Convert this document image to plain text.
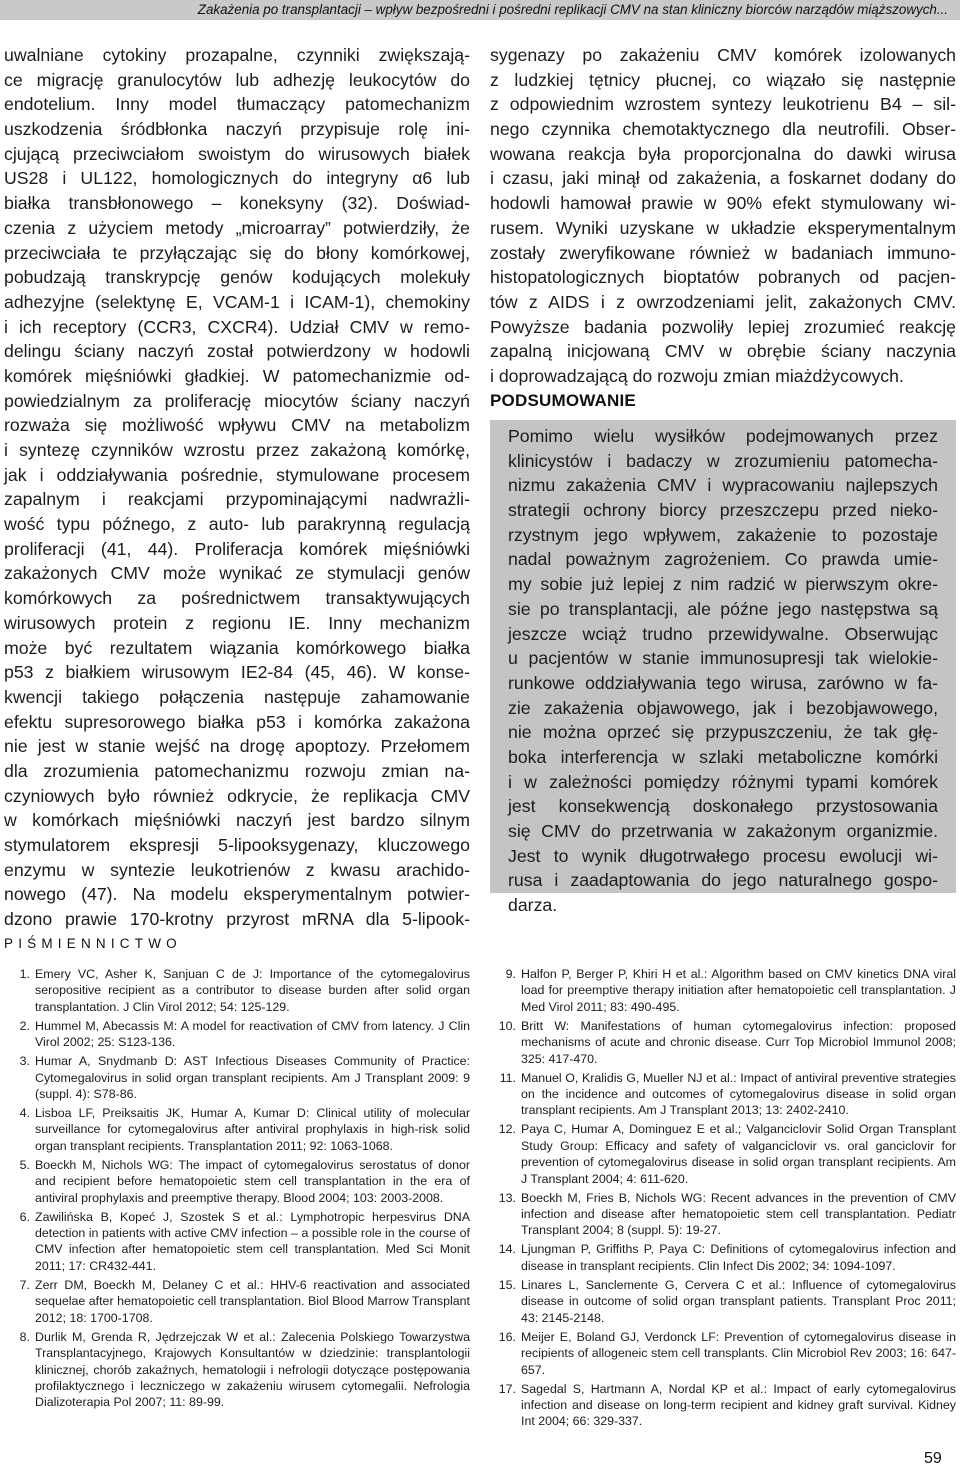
Zakażenia po transplantacji – wpływ bezpośredni i pośredni replikacji CMV na stan kliniczny biorców narządów miąższowych...
uwalniane cytokiny prozapalne, czynniki zwiększają-
ce migrację granulocytów lub adhezję leukocytów do
endotelium. Inny model tłumaczący patomechanizm
uszkodzenia śródbłonka naczyń przypisuje rolę ini-
cjującą przeciwciałom swoistym do wirusowych białek
US28 i UL122, homologicznych do integryny α6 lub
białka transbłonowego – koneksyny (32). Doświad-
czenia z użyciem metody „microarray” potwierdziły, że
przeciwciała te przyłączając się do błony komórkowej,
pobudzają transkrypcję genów kodujących molekuły
adhezyjne (selektynę E, VCAM-1 i ICAM-1), chemokiny
i ich receptory (CCR3, CXCR4). Udział CMV w remo-
delingu ściany naczyń został potwierdzony w hodowli
komórek mięśniówki gładkiej. W patomechanizmie od-
powiedzialnym za proliferację miocytów ściany naczyń
rozważa się możliwość wpływu CMV na metabolizm
i syntezę czynników wzrostu przez zakażoną komórkę,
jak i oddziaływania pośrednie, stymulowane procesem
zapalnym i reakcjami przypominającymi nadwrażli-
wość typu późnego, z auto- lub parakrynną regulacją
proliferacji (41, 44). Proliferacja komórek mięśniówki
zakażonych CMV może wynikać ze stymulacji genów
komórkowych za pośrednictwem transaktywujących
wirusowych protein z regionu IE. Inny mechanizm
może być rezultatem wiązania komórkowego białka
p53 z białkiem wirusowym IE2-84 (45, 46). W konse-
kwencji takiego połączenia następuje zahamowanie
efektu supresorowego białka p53 i komórka zakażona
nie jest w stanie wejść na drogę apoptozy. Przełomem
dla zrozumienia patomechanizmu rozwoju zmian na-
czyniowych było również odkrycie, że replikacja CMV
w komórkach mięśniówki naczyń jest bardzo silnym
stymulatorem ekspresji 5-lipooksygenazy, kluczowego
enzymu w syntezie leukotrienów z kwasu arachido-
nowego (47). Na modelu eksperymentalnym potwier-
dzono prawie 170-krotny przyrost mRNA dla 5-lipook-
sygenazy po zakażeniu CMV komórek izolowanych
z ludzkiej tętnicy płucnej, co wiązało się następnie
z odpowiednim wzrostem syntezy leukotrienu B4 – sil-
nego czynnika chemotaktycznego dla neutrofili. Obser-
wowana reakcja była proporcjonalna do dawki wirusa
i czasu, jaki minął od zakażenia, a foskarnet dodany do
hodowli hamował prawie w 90% efekt stymulowany wi-
rusem. Wyniki uzyskane w układzie eksperymentalnym
zostały zweryfikowane również w badaniach immuno-
histopatologicznych bioptatów pobranych od pacjen-
tów z AIDS i z owrzodzeniami jelit, zakażonych CMV.
Powyższe badania pozwoliły lepiej zrozumieć reakcję
zapalną inicjowaną CMV w obrębie ściany naczynia
i doprowadzającą do rozwoju zmian miażdżycowych.
PODSUMOWANIE
Pomimo wielu wysiłków podejmowanych przez
klinicystów i badaczy w zrozumieniu patomecha-
nizmu zakażenia CMV i wypracowaniu najlepszych
strategii ochrony biorcy przeszczepu przed nieko-
rzystnym jego wpływem, zakażenie to pozostaje
nadal poważnym zagrożeniem. Co prawda umie-
my sobie już lepiej z nim radzić w pierwszym okre-
sie po transplantacji, ale późne jego następstwa są
jeszcze wciąż trudno przewidywalne. Obserwując
u pacjentów w stanie immunosupresji tak wielokie-
runkowe oddziaływania tego wirusa, zarówno w fa-
zie zakażenia objawowego, jak i bezobjawowego,
nie można oprzeć się przypuszczeniu, że tak głę-
boka interferencja w szlaki metaboliczne komórki
i w zależności pomiędzy różnymi typami komórek
jest konsekwencją doskonałego przystosowania
się CMV do przetrwania w zakażonym organizmie.
Jest to wynik długotrwałego procesu ewolucji wi-
rusa i zaadaptowania do jego naturalnego gospo-
darza.
PIŚMIENNICTWO
1. Emery VC, Asher K, Sanjuan C de J: Importance of the cytomegalovirus seropositive recipient as a contributor to disease burden after solid organ transplantation. J Clin Virol 2012; 54: 125-129.
2. Hummel M, Abecassis M: A model for reactivation of CMV from latency. J Clin Virol 2002; 25: S123-136.
3. Humar A, Snydmanb D: AST Infectious Diseases Community of Practice: Cytomegalovirus in solid organ transplant recipients. Am J Transplant 2009: 9 (suppl. 4): S78-86.
4. Lisboa LF, Preiksaitis JK, Humar A, Kumar D: Clinical utility of molecular surveillance for cytomegalovirus after antiviral prophylaxis in high-risk solid organ transplant recipients. Transplantation 2011; 92: 1063-1068.
5. Boeckh M, Nichols WG: The impact of cytomegalovirus serostatus of donor and recipient before hematopoietic stem cell transplantation in the era of antiviral prophylaxis and preemptive therapy. Blood 2004; 103: 2003-2008.
6. Zawilińska B, Kopeć J, Szostek S et al.: Lymphotropic herpesvirus DNA detection in patients with active CMV infection – a possible role in the course of CMV infection after hematopoietic stem cell transplantation. Med Sci Monit 2011; 17: CR432-441.
7. Zerr DM, Boeckh M, Delaney C et al.: HHV-6 reactivation and associated sequelae after hematopoietic cell transplantation. Biol Blood Marrow Transplant 2012; 18: 1700-1708.
8. Durlik M, Grenda R, Jędrzejczak W et al.: Zalecenia Polskiego Towarzystwa Transplantacyjnego, Krajowych Konsultantów w dziedzinie: transplantologii klinicznej, chorób zakaźnych, hematologii i nefrologii dotyczące postępowania profilaktycznego i leczniczego w zakażeniu wirusem cytomegalii. Nefrologia Dializoterapia Pol 2007; 11: 89-99.
9. Halfon P, Berger P, Khiri H et al.: Algorithm based on CMV kinetics DNA viral load for preemptive therapy initiation after hematopoietic cell transplantation. J Med Virol 2011; 83: 490-495.
10. Britt W: Manifestations of human cytomegalovirus infection: proposed mechanisms of acute and chronic disease. Curr Top Microbiol Immunol 2008; 325: 417-470.
11. Manuel O, Kralidis G, Mueller NJ et al.: Impact of antiviral preventive strategies on the incidence and outcomes of cytomegalovirus disease in solid organ transplant recipients. Am J Transplant 2013; 13: 2402-2410.
12. Paya C, Humar A, Dominguez E et al.; Valganciclovir Solid Organ Transplant Study Group: Efficacy and safety of valganciclovir vs. oral ganciclovir for prevention of cytomegalovirus disease in solid organ transplant recipients. Am J Transplant 2004; 4: 611-620.
13. Boeckh M, Fries B, Nichols WG: Recent advances in the prevention of CMV infection and disease after hematopoietic stem cell transplantation. Pediatr Transplant 2004; 8 (suppl. 5): 19-27.
14. Ljungman P, Griffiths P, Paya C: Definitions of cytomegalovirus infection and disease in transplant recipients. Clin Infect Dis 2002; 34: 1094-1097.
15. Linares L, Sanclemente G, Cervera C et al.: Influence of cytomegalovirus disease in outcome of solid organ transplant patients. Transplant Proc 2011; 43: 2145-2148.
16. Meijer E, Boland GJ, Verdonck LF: Prevention of cytomegalovirus disease in recipients of allogeneic stem cell transplants. Clin Microbiol Rev 2003; 16: 647-657.
17. Sagedal S, Hartmann A, Nordal KP et al.: Impact of early cytomegalovirus infection and disease on long-term recipient and kidney graft survival. Kidney Int 2004; 66: 329-337.
59
